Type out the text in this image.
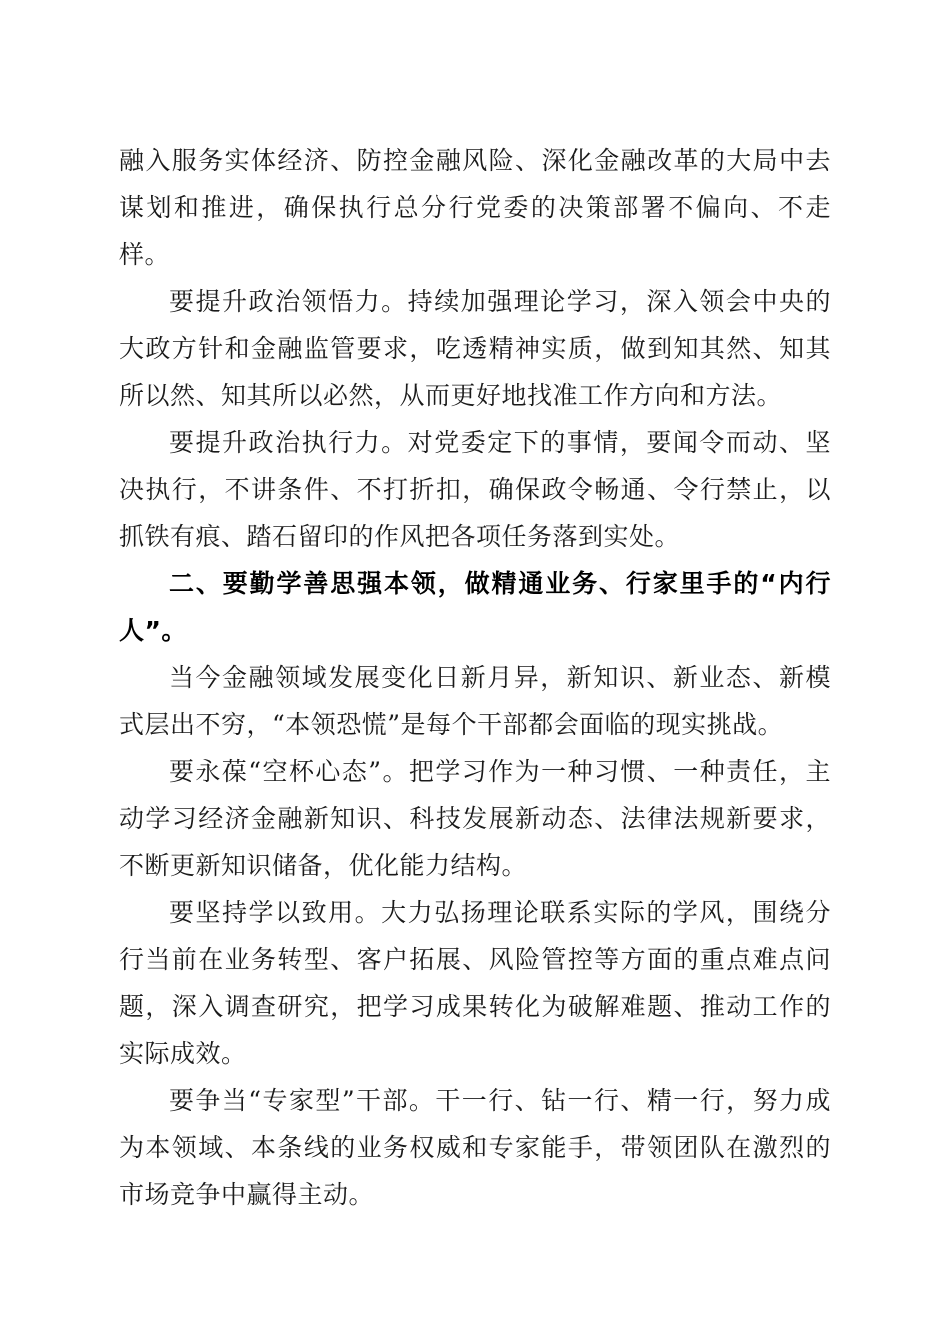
融入服务实体经济、防控金融风险、深化金融改革的大局中去谋划和推进，确保执行总分行党委的决策部署不偏向、不走样。

要提升政治领悟力。持续加强理论学习，深入领会中央的大政方针和金融监管要求，吃透精神实质，做到知其然、知其所以然、知其所以必然，从而更好地找准工作方向和方法。

要提升政治执行力。对党委定下的事情，要闻令而动、坚决执行，不讲条件、不打折扣，确保政令畅通、令行禁止，以抓铁有痕、踏石留印的作风把各项任务落到实处。

二、要勤学善思强本领，做精通业务、行家里手的“内行人”。

当今金融领域发展变化日新月异，新知识、新业态、新模式层出不穷，“本领恐慌”是每个干部都会面临的现实挑战。

要永葆“空杯心态”。把学习作为一种习惯、一种责任，主动学习经济金融新知识、科技发展新动态、法律法规新要求，不断更新知识储备，优化能力结构。

要坚持学以致用。大力弘扬理论联系实际的学风，围绕分行当前在业务转型、客户拓展、风险管控等方面的重点难点问题，深入调查研究，把学习成果转化为破解难题、推动工作的实际成效。

要争当“专家型”干部。干一行、钻一行、精一行，努力成为本领域、本条线的业务权威和专家能手，带领团队在激烈的市场竞争中赢得主动。
